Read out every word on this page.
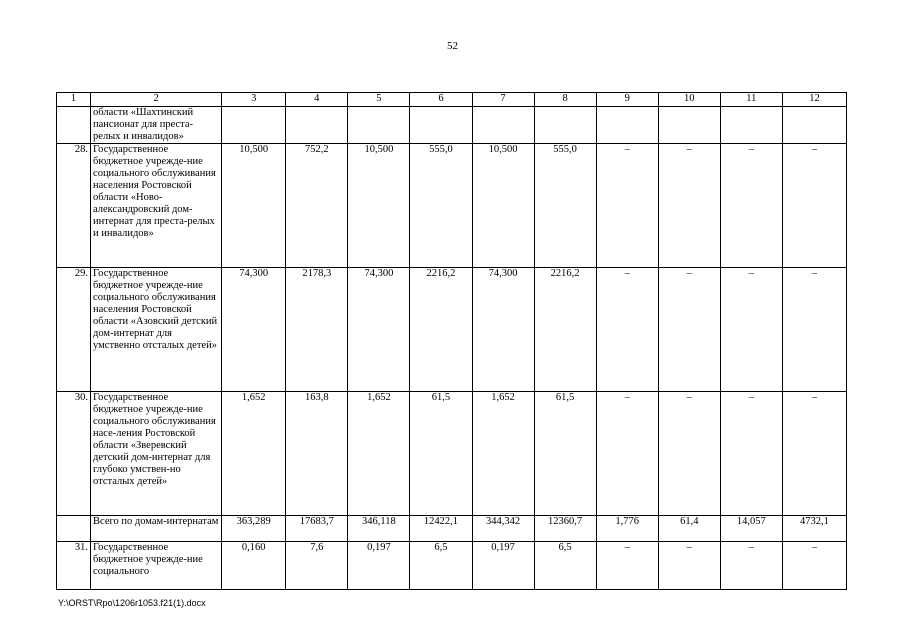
52
1	2	3	4	5	6	7	8	9	10	11	12
	области «Шахтинский пансионат для преста-релых и инвалидов»										
28.	Государственное бюджетное учрежде-ние социального обслуживания населения Ростовской области «Ново-александровский дом-интернат для преста-релых и инвалидов»	10,500	752,2	10,500	555,0	10,500	555,0	–	–	–	–
29.	Государственное бюджетное учрежде-ние социального обслуживания населения Ростовской области «Азовский детский дом-интернат для умственно отсталых детей»	74,300	2178,3	74,300	2216,2	74,300	2216,2	–	–	–	–
30.	Государственное бюджетное учрежде-ние социального обслуживания насе-ления Ростовской области «Зверевский детский дом-интернат для глубоко умствен-но отсталых детей»	1,652	163,8	1,652	61,5	1,652	61,5	–	–	–	–
	Всего по домам-интернатам	363,289	17683,7	346,118	12422,1	344,342	12360,7	1,776	61,4	14,057	4732,1
31.	Государственное бюджетное учрежде-ние социального	0,160	7,6	0,197	6,5	0,197	6,5	–	–	–	–
Y:\ORST\Rpo\1206r1053.f21(1).docx
